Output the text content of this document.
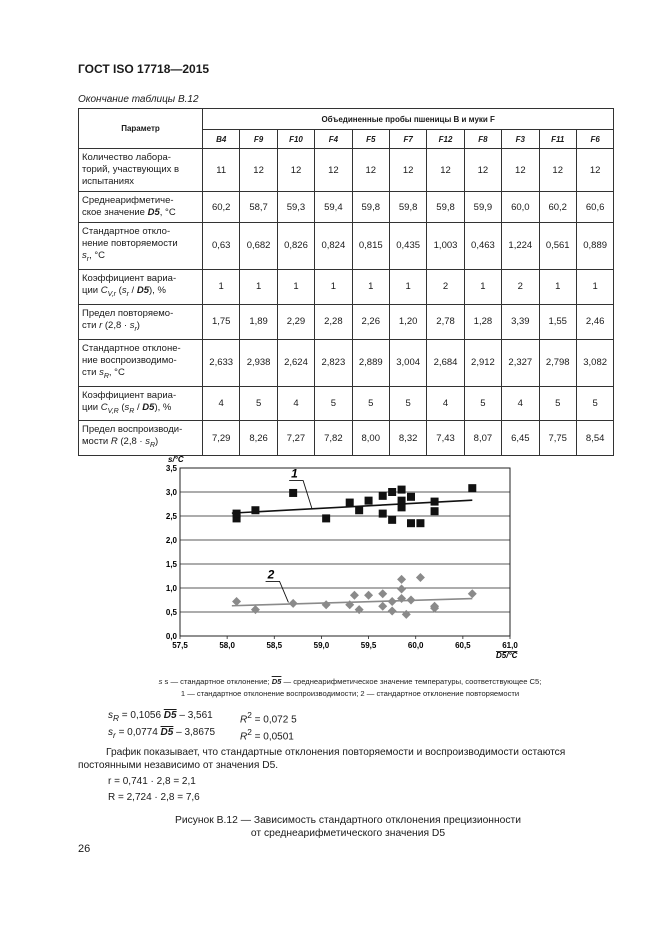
ГОСТ ISO 17718—2015
Окончание таблицы В.12
Параметр	Объединенные пробы пшеницы В и муки F										
	B4	F9	F10	F4	F5	F7	F12	F8	F3	F11	F6
Количество лабора-
торий, участвующих в
испытаниях	11	12	12	12	12	12	12	12	12	12	12
Среднеарифметиче-
ское значение D5, °C	60,2	58,7	59,3	59,4	59,8	59,8	59,8	59,9	60,0	60,2	60,6
Стандартное откло-
нение повторяемости
$s_r$, °C	0,63	0,682	0,826	0,824	0,815	0,435	1,003	0,463	1,224	0,561	0,889
Коэффициент вариа-
ции $C_{V,r}$ $(s_r / D5)$, %	1	1	1	1	1	1	2	1	2	1	1
Предел повторяемо-
сти r $(2,8 \cdot s_r)$	1,75	1,89	2,29	2,28	2,26	1,20	2,78	1,28	3,39	1,55	2,46
Стандартное отклоне-
ние воспроизводимо-
сти $s_R$, °C	2,633	2,938	2,624	2,823	2,889	3,004	2,684	2,912	2,327	2,798	3,082
Коэффициент вариа-
ции $C_{V,R}$ $(s_R / D5)$, %	4	5	4	5	5	5	4	5	4	5	5
Предел воспроизводи-
мости R $(2,8 \cdot s_R)$	7,29	8,26	7,27	7,82	8,00	8,32	7,43	8,07	6,45	7,75	8,54
0,0
0,5
1,0
1,5
2,0
2,5
3,0
3,5
57,5	58,0	58,5	59,0	59,5	60,0	60,5	61,0
s/°C
D5/°C
1
2
s s — стандартное отклонение; D5 — среднеарифметическое значение температуры, соответствующее C5;
1 — стандартное отклонение воспроизводимости; 2 — стандартное отклонение повторяемости
$s_R = 0,1056$ D5 – 3,561	$R^2 = 0,072$ 5
$s_r = 0,0774$ D5 – 3,8675 $R^2 = 0,0501$
График показывает, что стандартные отклонения повторяемости и воспроизводимости остаются постоянными независимо от значения D5.
r = 0,741 · 2,8 = 2,1
R = 2,724 · 2,8 = 7,6
Рисунок В.12 — Зависимость стандартного отклонения прецизионности
от среднеарифметического значения D5
26
